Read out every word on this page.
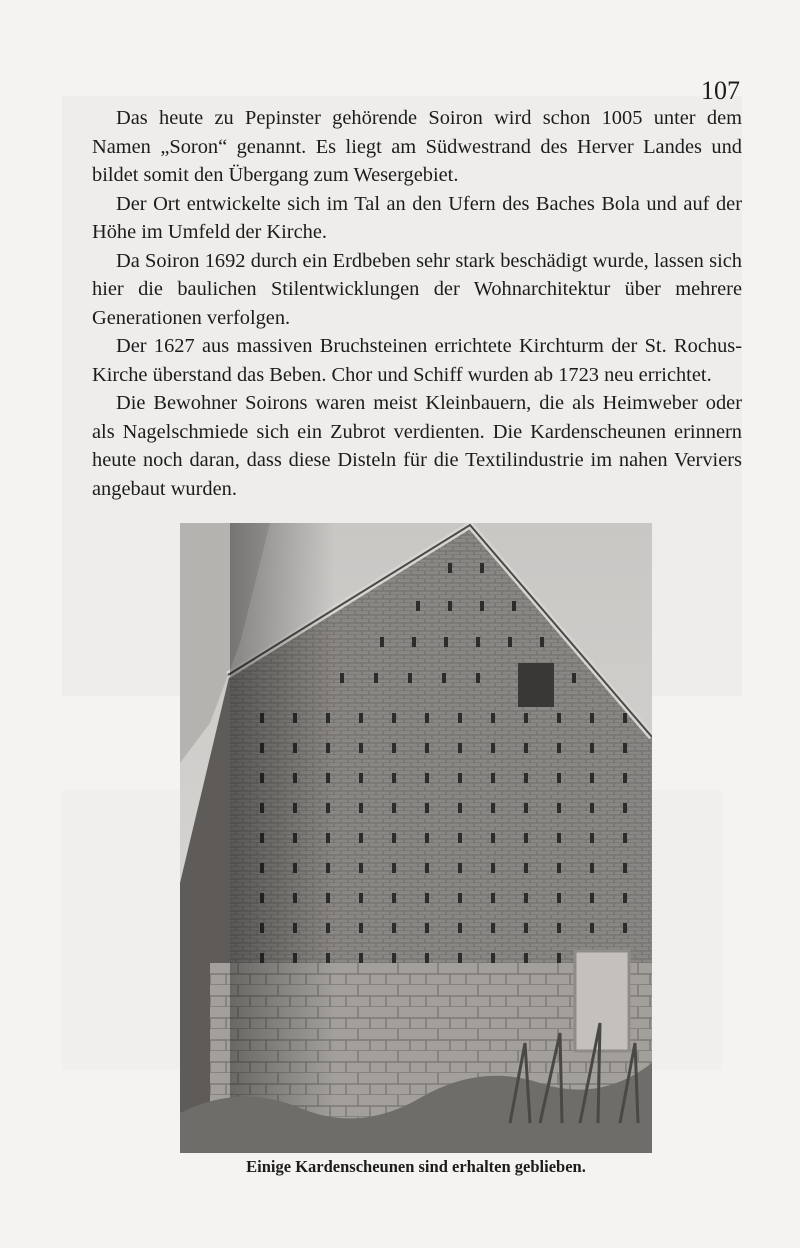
107

Das heute zu Pepinster gehörende Soiron wird schon 1005 unter dem Namen „Soron“ genannt. Es liegt am Südwestrand des Herver Landes und bildet somit den Übergang zum Wesergebiet.

Der Ort entwickelte sich im Tal an den Ufern des Baches Bola und auf der Höhe im Umfeld der Kirche.

Da Soiron 1692 durch ein Erdbeben sehr stark beschädigt wurde, lassen sich hier die baulichen Stilentwicklungen der Wohnarchitektur über mehrere Generationen verfolgen.

Der 1627 aus massiven Bruchsteinen errichtete Kirchturm der St. Rochus-Kirche überstand das Beben. Chor und Schiff wurden ab 1723 neu errichtet.

Die Bewohner Soirons waren meist Kleinbauern, die als Heimweber oder als Nagelschmiede sich ein Zubrot verdienten. Die Kardenscheunen erinnern heute noch daran, dass diese Disteln für die Textilindustrie im nahen Verviers angebaut wurden.

Einige Kardenscheunen sind erhalten geblieben.
